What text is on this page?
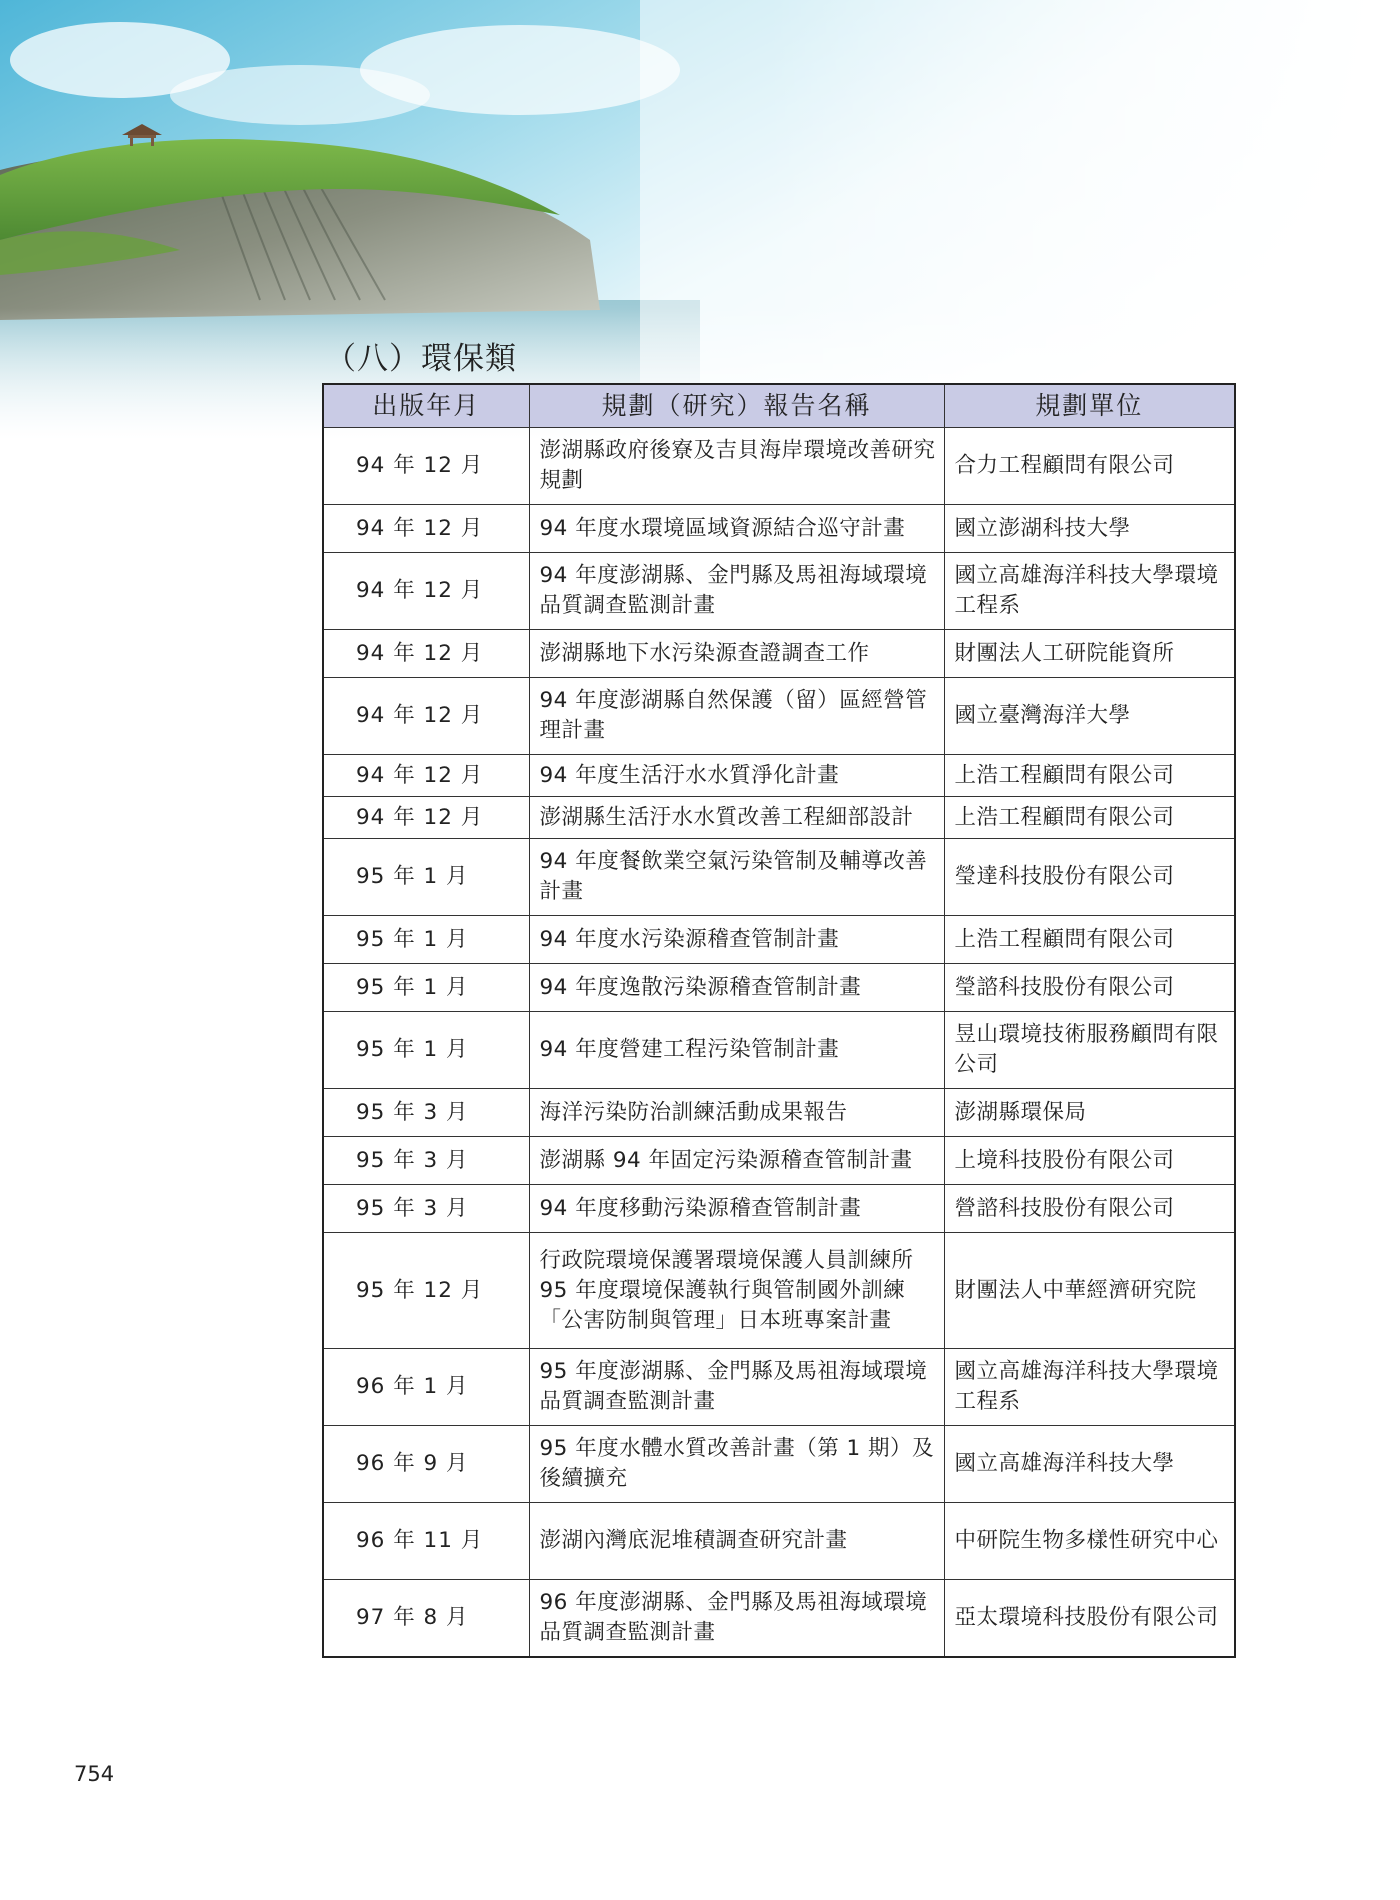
（八）環保類
出版年月	規劃（研究）報告名稱	規劃單位
94 年 12 月	澎湖縣政府後寮及吉貝海岸環境改善研究規劃	合力工程顧問有限公司
94 年 12 月	94 年度水環境區域資源結合巡守計畫	國立澎湖科技大學
94 年 12 月	94 年度澎湖縣、金門縣及馬祖海域環境品質調查監測計畫	國立高雄海洋科技大學環境工程系
94 年 12 月	澎湖縣地下水污染源查證調查工作	財團法人工研院能資所
94 年 12 月	94 年度澎湖縣自然保護（留）區經營管理計畫	國立臺灣海洋大學
94 年 12 月	94 年度生活汙水水質淨化計畫	上浩工程顧問有限公司
94 年 12 月	澎湖縣生活汙水水質改善工程細部設計	上浩工程顧問有限公司
95 年 1 月	94 年度餐飲業空氣污染管制及輔導改善計畫	瑩達科技股份有限公司
95 年 1 月	94 年度水污染源稽查管制計畫	上浩工程顧問有限公司
95 年 1 月	94 年度逸散污染源稽查管制計畫	瑩諮科技股份有限公司
95 年 1 月	94 年度營建工程污染管制計畫	昱山環境技術服務顧問有限公司
95 年 3 月	海洋污染防治訓練活動成果報告	澎湖縣環保局
95 年 3 月	澎湖縣 94 年固定污染源稽查管制計畫	上境科技股份有限公司
95 年 3 月	94 年度移動污染源稽查管制計畫	營諮科技股份有限公司
95 年 12 月	行政院環境保護署環境保護人員訓練所 95 年度環境保護執行與管制國外訓練「公害防制與管理」日本班專案計畫	財團法人中華經濟研究院
96 年 1 月	95 年度澎湖縣、金門縣及馬祖海域環境品質調查監測計畫	國立高雄海洋科技大學環境工程系
96 年 9 月	95 年度水體水質改善計畫（第 1 期）及後續擴充	國立高雄海洋科技大學
96 年 11 月	澎湖內灣底泥堆積調查研究計畫	中研院生物多樣性研究中心
97 年 8 月	96 年度澎湖縣、金門縣及馬祖海域環境品質調查監測計畫	亞太環境科技股份有限公司
754
